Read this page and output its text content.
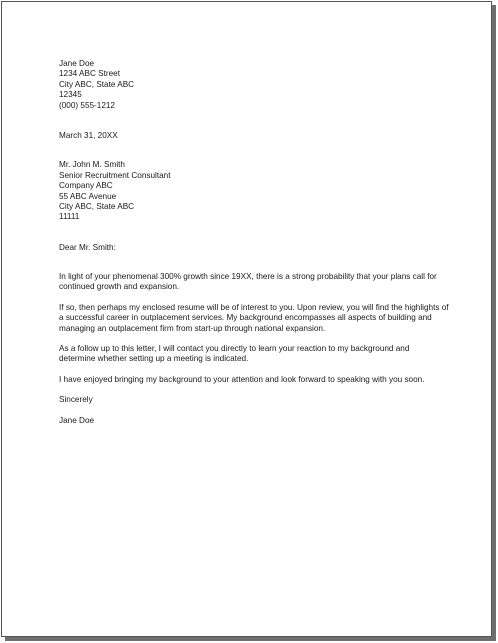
Jane Doe
1234 ABC Street
City ABC, State ABC
12345
(000) 555-1212
March 31, 20XX
Mr. John M. Smith
Senior Recruitment Consultant
Company ABC
55 ABC Avenue
City ABC, State ABC
11111
Dear Mr. Smith:
In light of your phenomenal 300% growth since 19XX, there is a strong probability that your plans call for
continued growth and expansion.
If so, then perhaps my enclosed resume will be of interest to you. Upon review, you will find the highlights of
a successful career in outplacement services. My background encompasses all aspects of building and
managing an outplacement firm from start-up through national expansion.
As a follow up to this letter, I will contact you directly to learn your reaction to my background and
determine whether setting up a meeting is indicated.
I have enjoyed bringing my background to your attention and look forward to speaking with you soon.
Sincerely
Jane Doe
